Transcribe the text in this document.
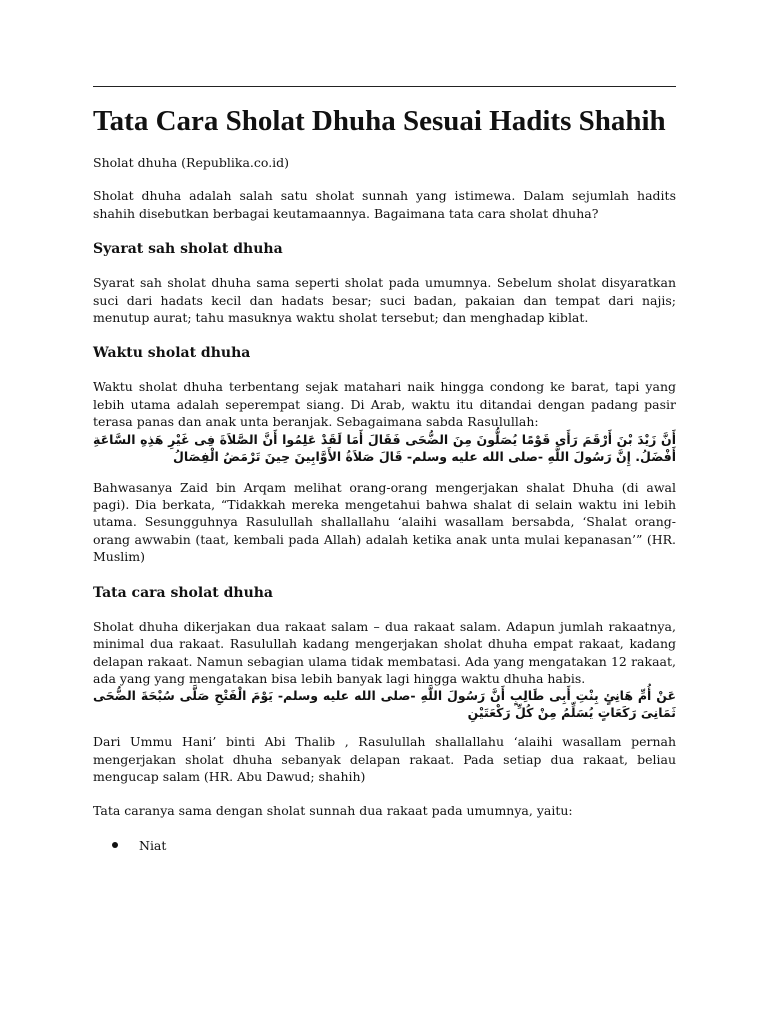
Tata Cara Sholat Dhuha Sesuai Hadits Shahih

Sholat dhuha (Republika.co.id)

Sholat dhuha adalah salah satu sholat sunnah yang istimewa. Dalam sejumlah hadits shahih disebutkan berbagai keutamaannya. Bagaimana tata cara sholat dhuha?

Syarat sah sholat dhuha

Syarat sah sholat dhuha sama seperti sholat pada umumnya. Sebelum sholat disyaratkan suci dari hadats kecil dan hadats besar; suci badan, pakaian dan tempat dari najis; menutup aurat; tahu masuknya waktu sholat tersebut; dan menghadap kiblat.

Waktu sholat dhuha

Waktu sholat dhuha terbentang sejak matahari naik hingga condong ke barat, tapi yang lebih utama adalah seperempat siang. Di Arab, waktu itu ditandai dengan padang pasir terasa panas dan anak unta beranjak. Sebagaimana sabda Rasulullah:

أَنَّ زَيْدَ بْنَ أَرْقَمَ رَأَى قَوْمًا يُصَلُّونَ مِنَ الضُّحَى فَقَالَ أَمَا لَقَدْ عَلِمُوا أَنَّ الصَّلاَةَ فِى غَيْرِ هَذِهِ السَّاعَةِ أَفْضَلُ. إِنَّ رَسُولَ اللَّهِ -صلى الله عليه وسلم- قَالَ صَلاَةُ الأَوَّابِينَ حِينَ تَرْمَضُ الْفِصَالُ

Bahwasanya Zaid bin Arqam melihat orang-orang mengerjakan shalat Dhuha (di awal pagi). Dia berkata, “Tidakkah mereka mengetahui bahwa shalat di selain waktu ini lebih utama. Sesungguhnya Rasulullah shallallahu ‘alaihi wasallam bersabda, ‘Shalat orang-orang awwabin (taat, kembali pada Allah) adalah ketika anak unta mulai kepanasan’” (HR. Muslim)

Tata cara sholat dhuha

Sholat dhuha dikerjakan dua rakaat salam – dua rakaat salam. Adapun jumlah rakaatnya, minimal dua rakaat. Rasulullah kadang mengerjakan sholat dhuha empat rakaat, kadang delapan rakaat. Namun sebagian ulama tidak membatasi. Ada yang mengatakan 12 rakaat, ada yang yang mengatakan bisa lebih banyak lagi hingga waktu dhuha habis.

عَنْ أُمِّ هَانِئٍ بِنْتِ أَبِى طَالِبٍ أَنَّ رَسُولَ اللَّهِ -صلى الله عليه وسلم- يَوْمَ الْفَتْحِ صَلَّى سُبْحَةَ الضُّحَى ثَمَانِىَ رَكَعَاتٍ يُسَلِّمُ مِنْ كُلِّ رَكْعَتَيْنِ

Dari Ummu Hani’ binti Abi Thalib , Rasulullah shallallahu ‘alaihi wasallam pernah mengerjakan sholat dhuha sebanyak delapan rakaat. Pada setiap dua rakaat, beliau mengucap salam (HR. Abu Dawud; shahih)

Tata caranya sama dengan sholat sunnah dua rakaat pada umumnya, yaitu:

Niat
